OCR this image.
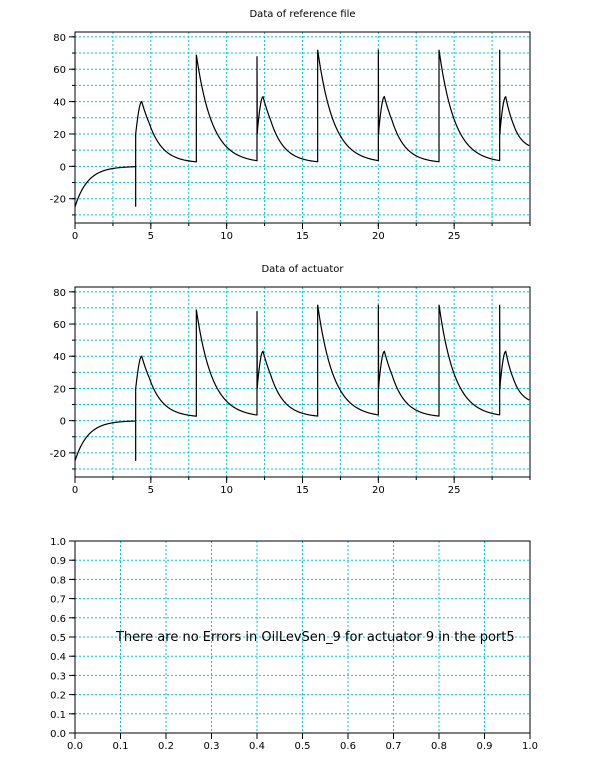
Data of reference file
-20
0
20
40
60
80
0	5	10	15	20	25
Data of actuator
-20
0
20
40
60
80
0	5	10	15	20	25
0.0
0.1
0.2
0.3
0.4
0.5
0.6
0.7
0.8
0.9
1.0
0.0	0.1	0.2	0.3	0.4	0.5	0.6	0.7	0.8	0.9	1.0
There are no Errors in OilLevSen_9 for actuator 9 in the port5
